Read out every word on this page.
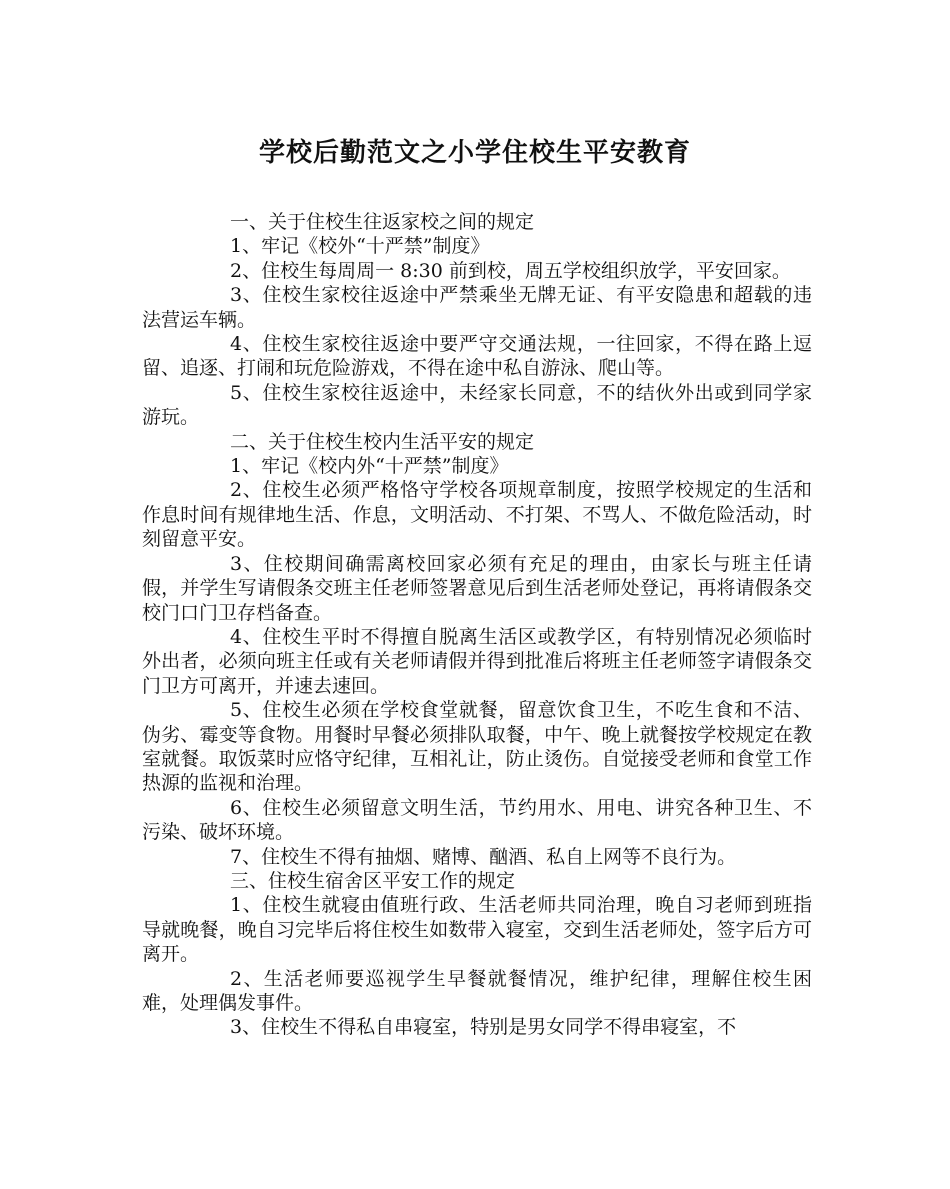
学校后勤范文之小学住校生平安教育

一、关于住校生往返家校之间的规定

1、牢记《校外“十严禁”制度》

2、住校生每周周一 8:30 前到校，周五学校组织放学，平安回家。

3、住校生家校往返途中严禁乘坐无牌无证、有平安隐患和超载的违法营运车辆。

4、住校生家校往返途中要严守交通法规，一往回家，不得在路上逗留、追逐、打闹和玩危险游戏，不得在途中私自游泳、爬山等。

5、住校生家校往返途中，未经家长同意，不的结伙外出或到同学家游玩。

二、关于住校生校内生活平安的规定

1、牢记《校内外“十严禁”制度》

2、住校生必须严格恪守学校各项规章制度，按照学校规定的生活和作息时间有规律地生活、作息，文明活动、不打架、不骂人、不做危险活动，时刻留意平安。

3、住校期间确需离校回家必须有充足的理由，由家长与班主任请假，并学生写请假条交班主任老师签署意见后到生活老师处登记，再将请假条交校门口门卫存档备查。

4、住校生平时不得擅自脱离生活区或教学区，有特别情况必须临时外出者，必须向班主任或有关老师请假并得到批准后将班主任老师签字请假条交门卫方可离开，并速去速回。

5、住校生必须在学校食堂就餐，留意饮食卫生，不吃生食和不洁、伪劣、霉变等食物。用餐时早餐必须排队取餐，中午、晚上就餐按学校规定在教室就餐。取饭菜时应恪守纪律，互相礼让，防止烫伤。自觉接受老师和食堂工作热源的监视和治理。

6、住校生必须留意文明生活，节约用水、用电、讲究各种卫生、不污染、破坏环境。

7、住校生不得有抽烟、赌博、酗酒、私自上网等不良行为。

三、住校生宿舍区平安工作的规定

1、住校生就寝由值班行政、生活老师共同治理，晚自习老师到班指导就晚餐，晚自习完毕后将住校生如数带入寝室，交到生活老师处，签字后方可离开。

2、生活老师要巡视学生早餐就餐情况，维护纪律，理解住校生困难，处理偶发事件。

3、住校生不得私自串寝室，特别是男女同学不得串寝室，不
